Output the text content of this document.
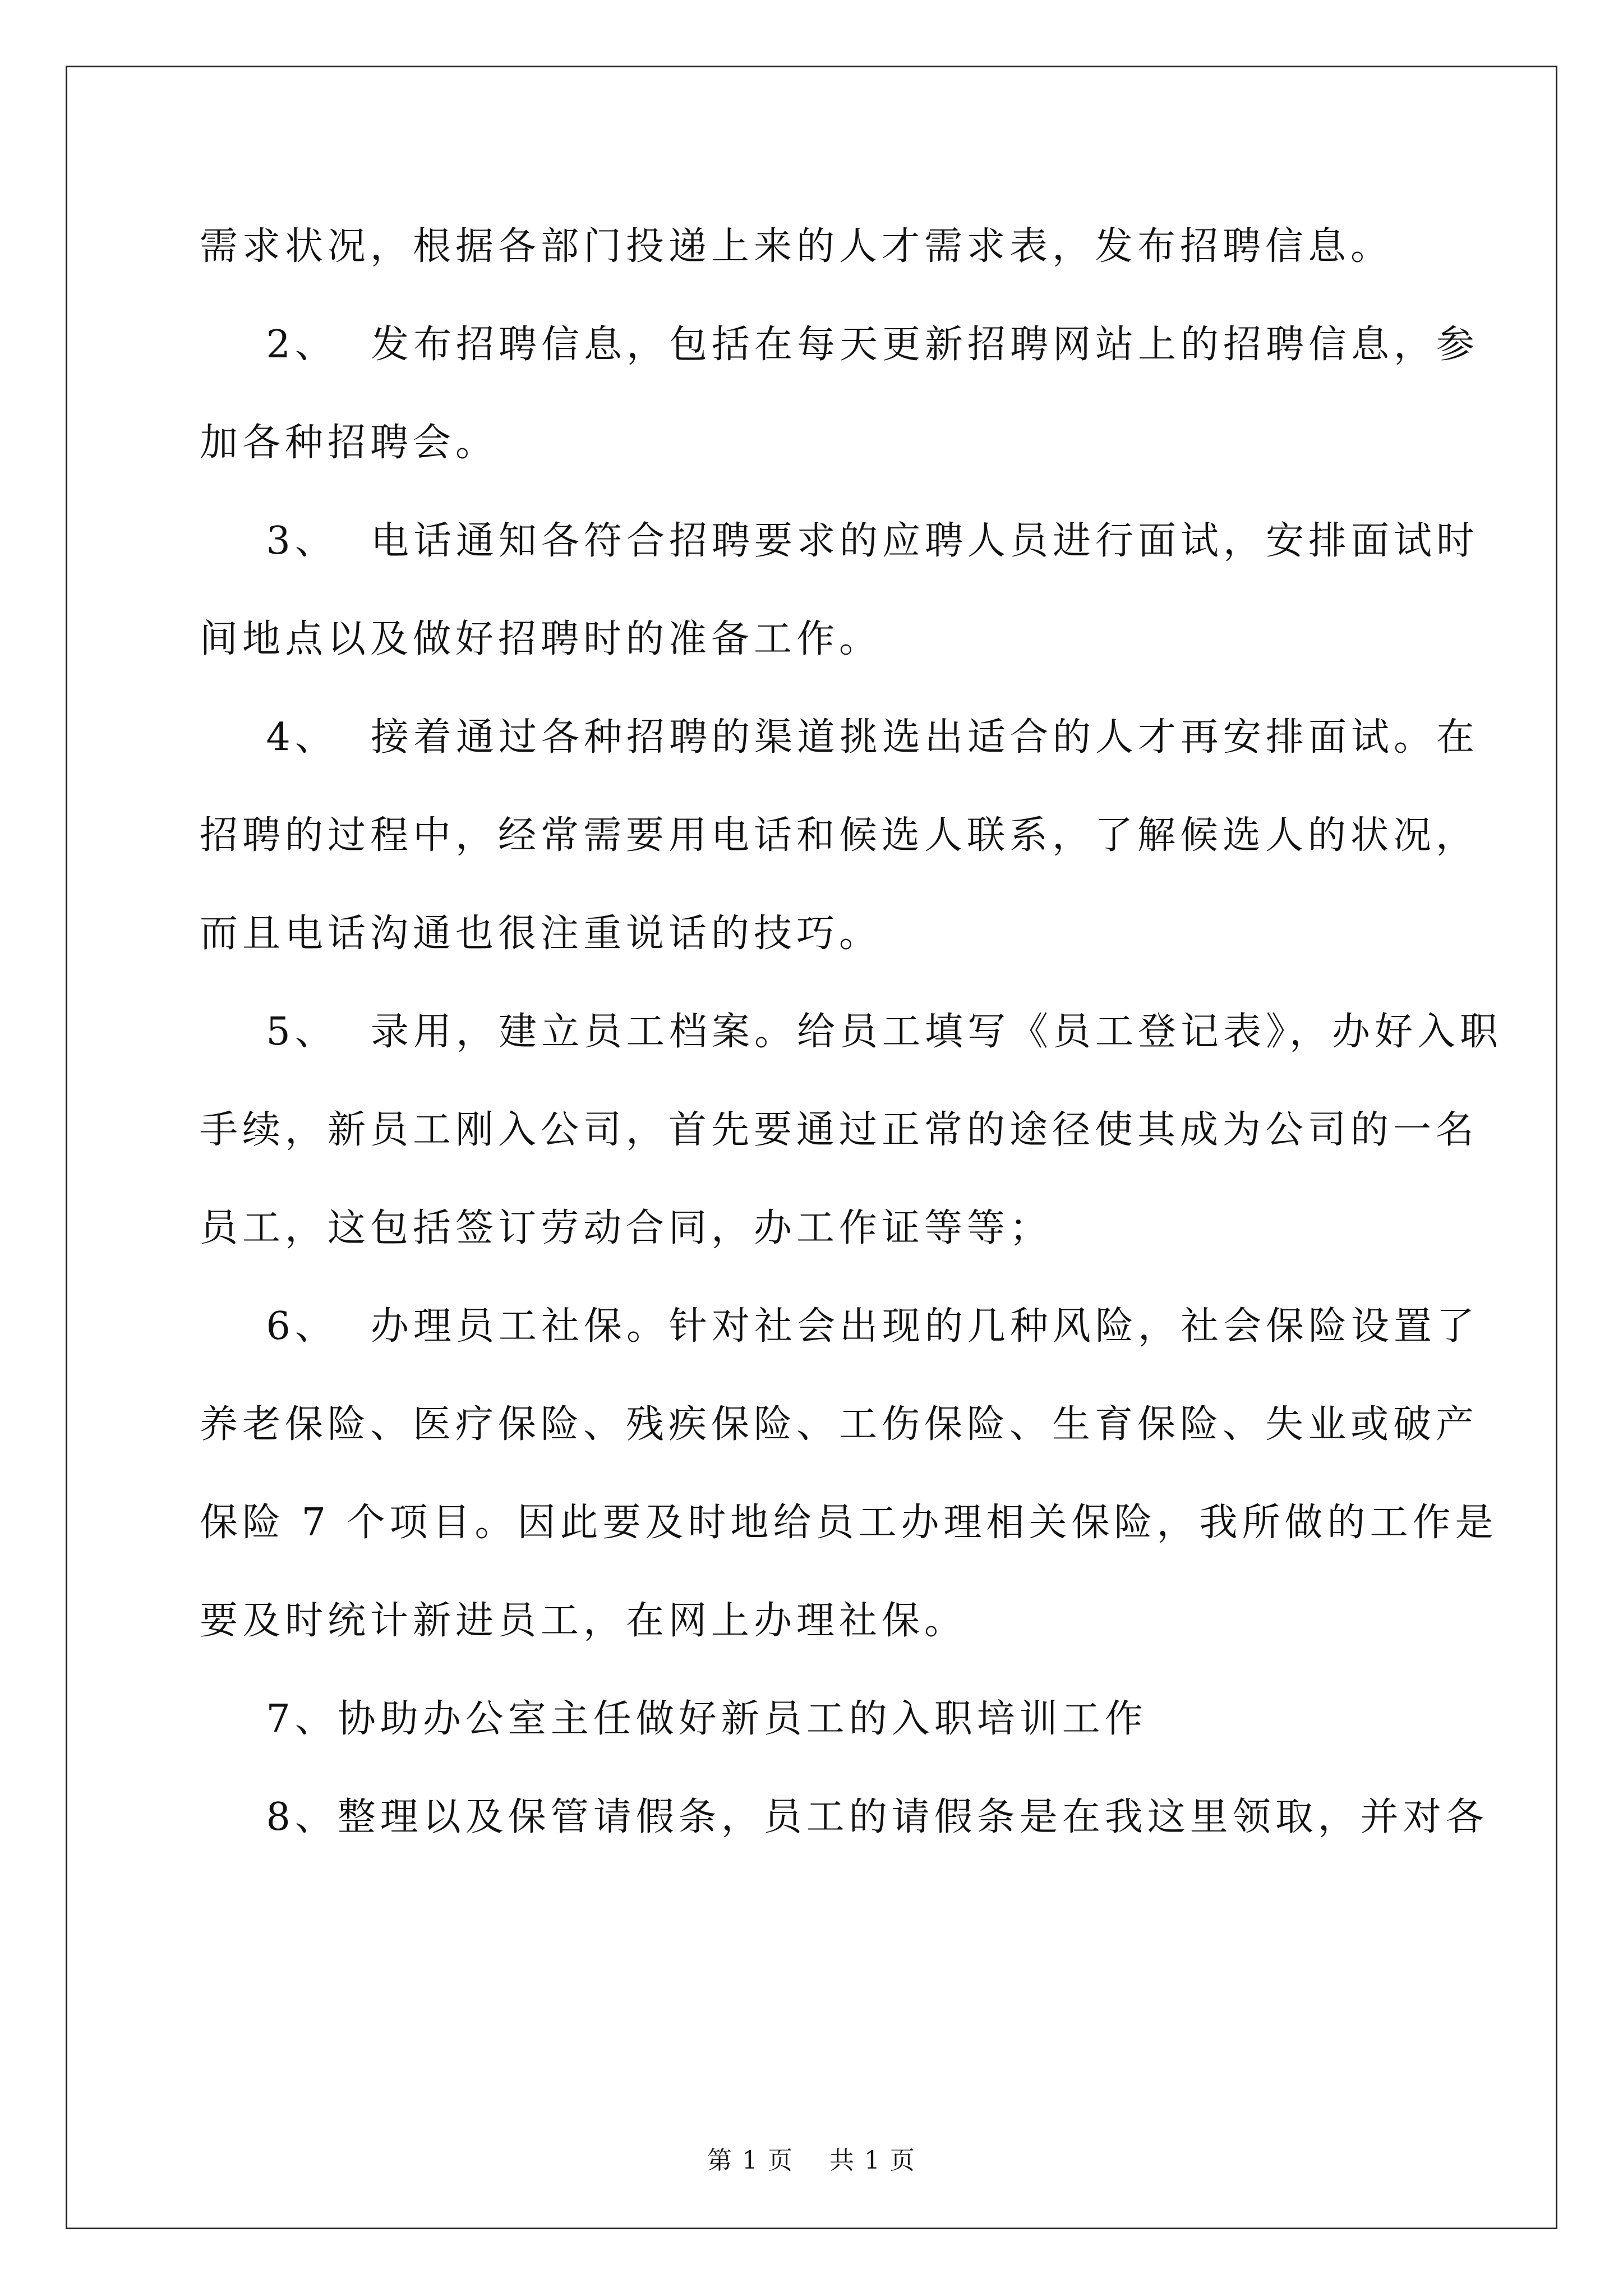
需求状况，根据各部门投递上来的人才需求表，发布招聘信息。
2、  发布招聘信息，包括在每天更新招聘网站上的招聘信息，参
加各种招聘会。
3、  电话通知各符合招聘要求的应聘人员进行面试，安排面试时
间地点以及做好招聘时的准备工作。
4、  接着通过各种招聘的渠道挑选出适合的人才再安排面试。在
招聘的过程中，经常需要用电话和候选人联系，了解候选人的状况，
而且电话沟通也很注重说话的技巧。
5、  录用，建立员工档案。给员工填写《员工登记表》，办好入职
手续，新员工刚入公司，首先要通过正常的途径使其成为公司的一名
员工，这包括签订劳动合同，办工作证等等；
6、  办理员工社保。针对社会出现的几种风险，社会保险设置了
养老保险、医疗保险、残疾保险、工伤保险、生育保险、失业或破产
保险 7 个项目。因此要及时地给员工办理相关保险，我所做的工作是
要及时统计新进员工，在网上办理社保。
7、协助办公室主任做好新员工的入职培训工作
8、整理以及保管请假条，员工的请假条是在我这里领取，并对各
第 1 页    共 1 页
